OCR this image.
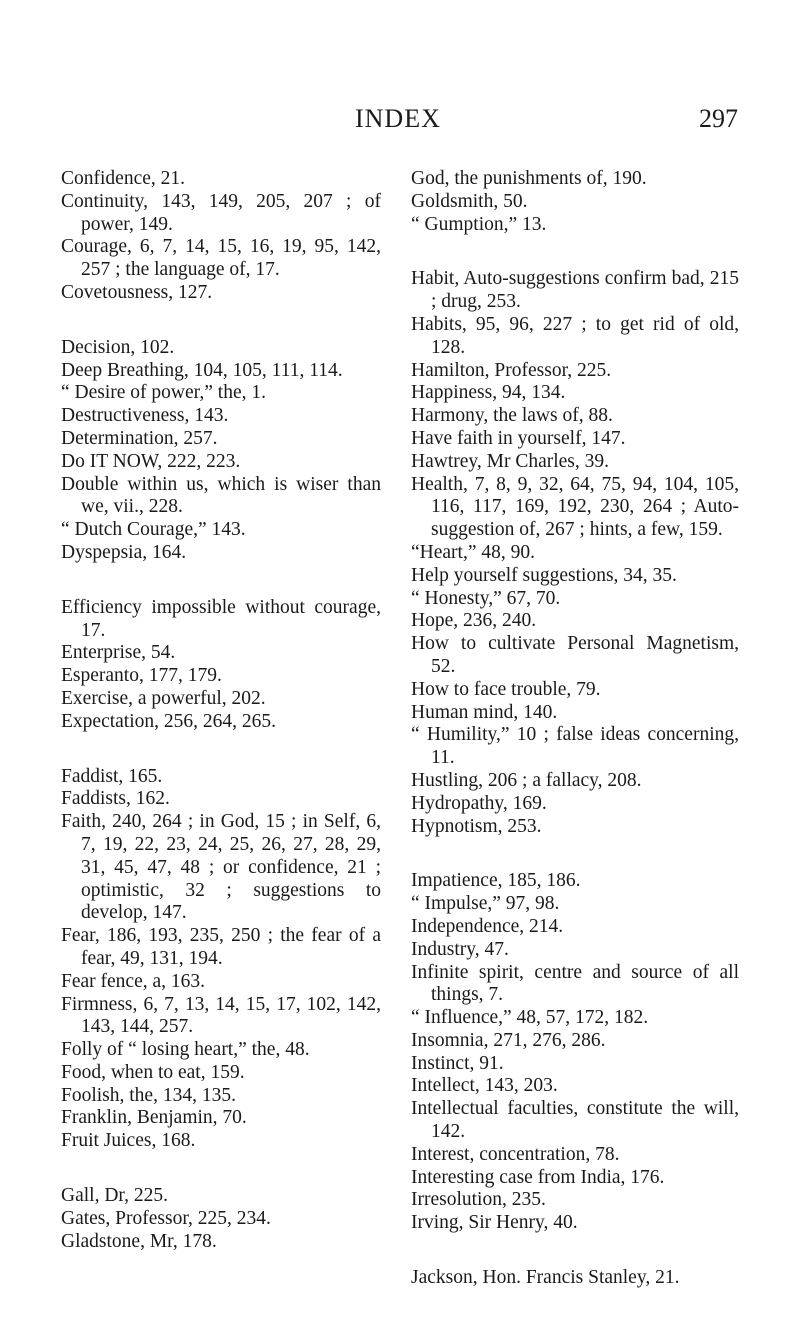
INDEX	297
Confidence, 21.
Continuity, 143, 149, 205, 207 ; of power, 149.
Courage, 6, 7, 14, 15, 16, 19, 95, 142, 257 ; the language of, 17.
Covetousness, 127.
Decision, 102.
Deep Breathing, 104, 105, 111, 114.
“ Desire of power,” the, 1.
Destructiveness, 143.
Determination, 257.
Do IT NOW, 222, 223.
Double within us, which is wiser than we, vii., 228.
“ Dutch Courage,” 143.
Dyspepsia, 164.
Efficiency impossible without courage, 17.
Enterprise, 54.
Esperanto, 177, 179.
Exercise, a powerful, 202.
Expectation, 256, 264, 265.
Faddist, 165.
Faddists, 162.
Faith, 240, 264 ; in God, 15 ; in Self, 6, 7, 19, 22, 23, 24, 25, 26, 27, 28, 29, 31, 45, 47, 48 ; or confidence, 21 ; optimistic, 32 ; suggestions to develop, 147.
Fear, 186, 193, 235, 250 ; the fear of a fear, 49, 131, 194.
Fear fence, a, 163.
Firmness, 6, 7, 13, 14, 15, 17, 102, 142, 143, 144, 257.
Folly of “ losing heart,” the, 48.
Food, when to eat, 159.
Foolish, the, 134, 135.
Franklin, Benjamin, 70.
Fruit Juices, 168.
Gall, Dr, 225.
Gates, Professor, 225, 234.
Gladstone, Mr, 178.
God, the punishments of, 190.
Goldsmith, 50.
“ Gumption,” 13.
Habit, Auto-suggestions confirm bad, 215 ; drug, 253.
Habits, 95, 96, 227 ; to get rid of old, 128.
Hamilton, Professor, 225.
Happiness, 94, 134.
Harmony, the laws of, 88.
Have faith in yourself, 147.
Hawtrey, Mr Charles, 39.
Health, 7, 8, 9, 32, 64, 75, 94, 104, 105, 116, 117, 169, 192, 230, 264 ; Auto-suggestion of, 267 ; hints, a few, 159.
“Heart,” 48, 90.
Help yourself suggestions, 34, 35.
“ Honesty,” 67, 70.
Hope, 236, 240.
How to cultivate Personal Magnetism, 52.
How to face trouble, 79.
Human mind, 140.
“ Humility,” 10 ; false ideas concerning, 11.
Hustling, 206 ; a fallacy, 208.
Hydropathy, 169.
Hypnotism, 253.
Impatience, 185, 186.
“ Impulse,” 97, 98.
Independence, 214.
Industry, 47.
Infinite spirit, centre and source of all things, 7.
“ Influence,” 48, 57, 172, 182.
Insomnia, 271, 276, 286.
Instinct, 91.
Intellect, 143, 203.
Intellectual faculties, constitute the will, 142.
Interest, concentration, 78.
Interesting case from India, 176.
Irresolution, 235.
Irving, Sir Henry, 40.
Jackson, Hon. Francis Stanley, 21.
